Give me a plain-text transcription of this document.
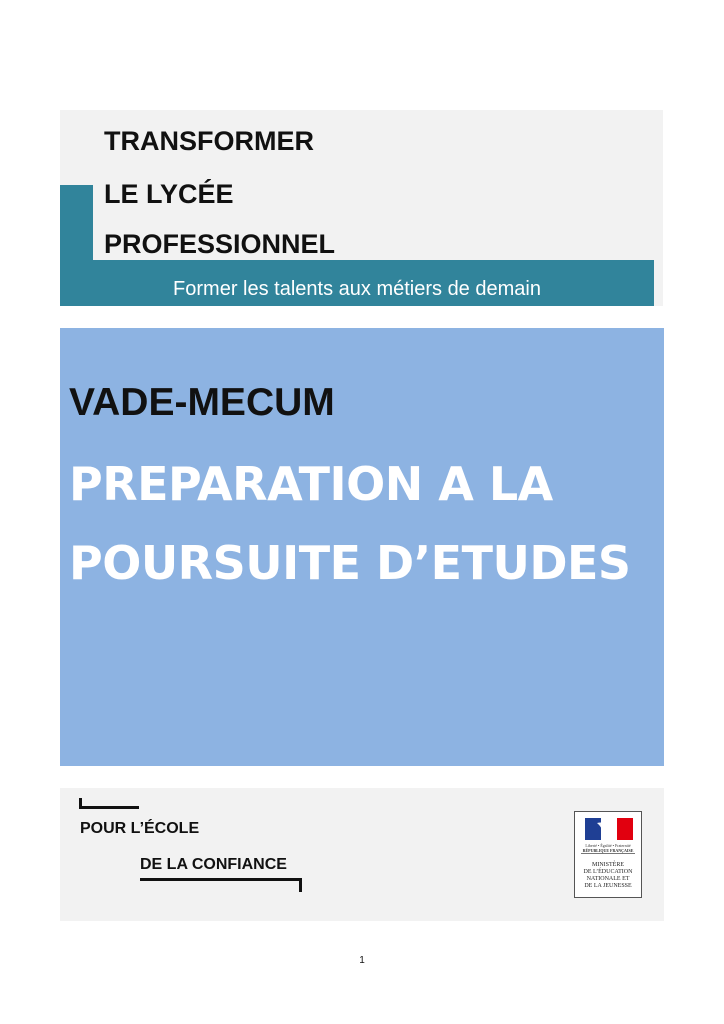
TRANSFORMER

LE LYCÉE

PROFESSIONNEL

Former les talents aux métiers de demain
VADE-MECUM
PREPARATION A LA
POURSUITE D’ETUDES
POUR L’ÉCOLE
DE LA CONFIANCE
Liberté • Égalité • Fraternité
RÉPUBLIQUE FRANÇAISE
MINISTÈRE
DE L’ÉDUCATION
NATIONALE ET
DE LA JEUNESSE
1
